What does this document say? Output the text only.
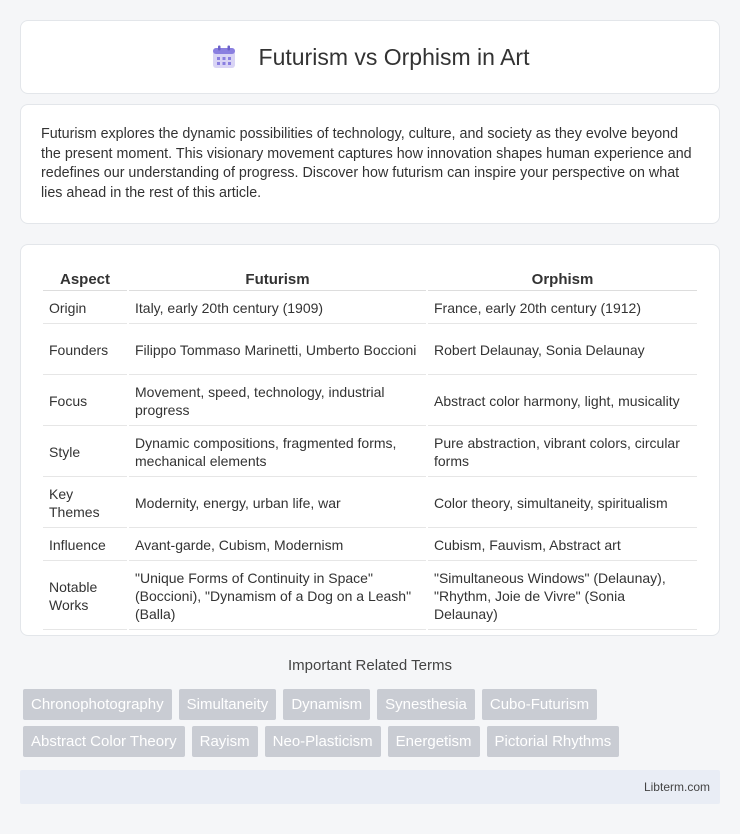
Futurism vs Orphism in Art

Futurism explores the dynamic possibilities of technology, culture, and society as they evolve beyond the present moment. This visionary movement captures how innovation shapes human experience and redefines our understanding of progress. Discover how futurism can inspire your perspective on what lies ahead in the rest of this article.

Aspect	Futurism	Orphism
Origin	Italy, early 20th century (1909)	France, early 20th century (1912)
Founders	Filippo Tommaso Marinetti, Umberto Boccioni	Robert Delaunay, Sonia Delaunay
Focus	Movement, speed, technology, industrial progress	Abstract color harmony, light, musicality
Style	Dynamic compositions, fragmented forms, mechanical elements	Pure abstraction, vibrant colors, circular forms
Key Themes	Modernity, energy, urban life, war	Color theory, simultaneity, spiritualism
Influence	Avant-garde, Cubism, Modernism	Cubism, Fauvism, Abstract art
Notable Works	"Unique Forms of Continuity in Space" (Boccioni), "Dynamism of a Dog on a Leash" (Balla)	"Simultaneous Windows" (Delaunay), "Rhythm, Joie de Vivre" (Sonia Delaunay)
Important Related Terms
Chronophotography	Simultaneity	Dynamism	Synesthesia	Cubo-Futurism
Abstract Color Theory	Rayism	Neo-Plasticism	Energetism	Pictorial Rhythms
Libterm.com
